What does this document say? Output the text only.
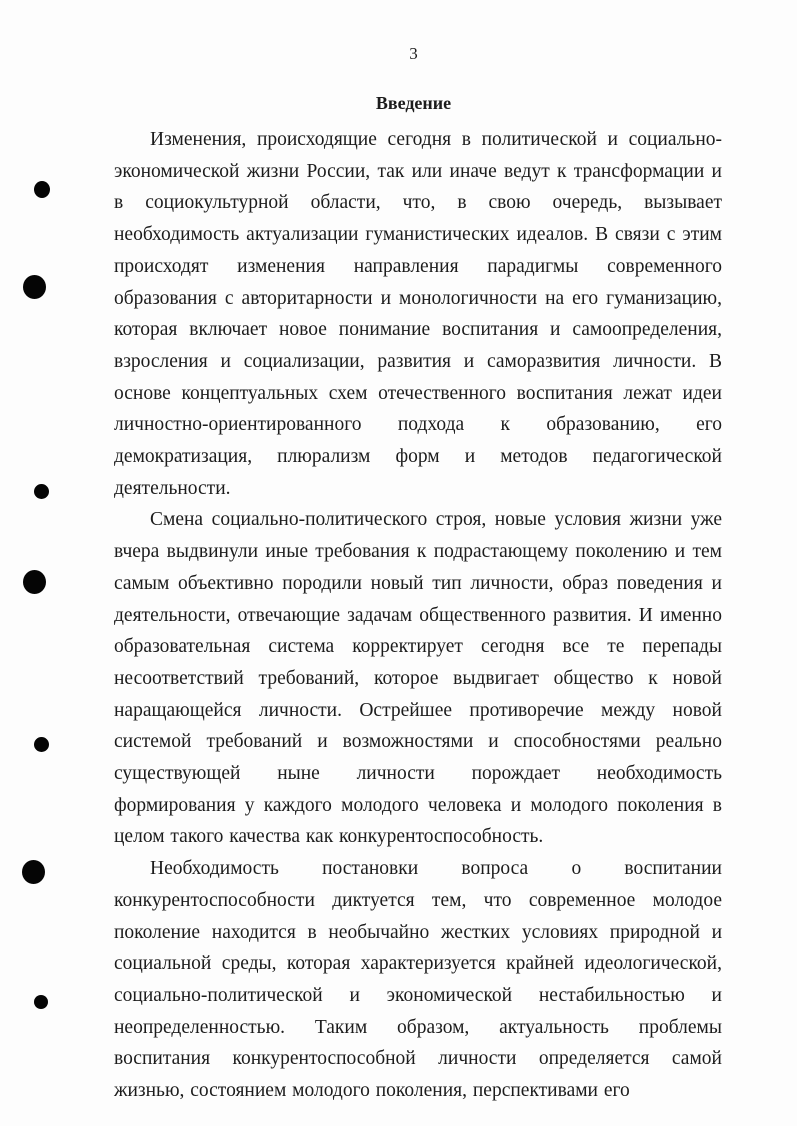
3
Введение

Изменения, происходящие сегодня в политической и социально-экономической жизни России, так или иначе ведут к трансформации и в социокультурной области, что, в свою очередь, вызывает необходимость актуализации гуманистических идеалов. В связи с этим происходят изменения направления парадигмы современного образования с авторитарности и монологичности на его гуманизацию, которая включает новое понимание воспитания и самоопределения, взросления и социализации, развития и саморазвития личности. В основе концептуальных схем отечественного воспитания лежат идеи личностно-ориентированного подхода к образованию, его демократизация, плюрализм форм и методов педагогической деятельности.

Смена социально-политического строя, новые условия жизни уже вчера выдвинули иные требования к подрастающему поколению и тем самым объективно породили новый тип личности, образ поведения и деятельности, отвечающие задачам общественного развития. И именно образовательная система корректирует сегодня все те перепады несоответствий требований, которое выдвигает общество к новой наращающейся личности. Острейшее противоречие между новой системой требований и возможностями и способностями реально существующей ныне личности порождает необходимость формирования у каждого молодого человека и молодого поколения в целом такого качества как конкурентоспособность.

Необходимость постановки вопроса о воспитании конкурентоспособности диктуется тем, что современное молодое поколение находится в необычайно жестких условиях природной и социальной среды, которая характеризуется крайней идеологической, социально-политической и экономической нестабильностью и неопределенностью. Таким образом, актуальность проблемы воспитания конкурентоспособной личности определяется самой жизнью, состоянием молодого поколения, перспективами его
